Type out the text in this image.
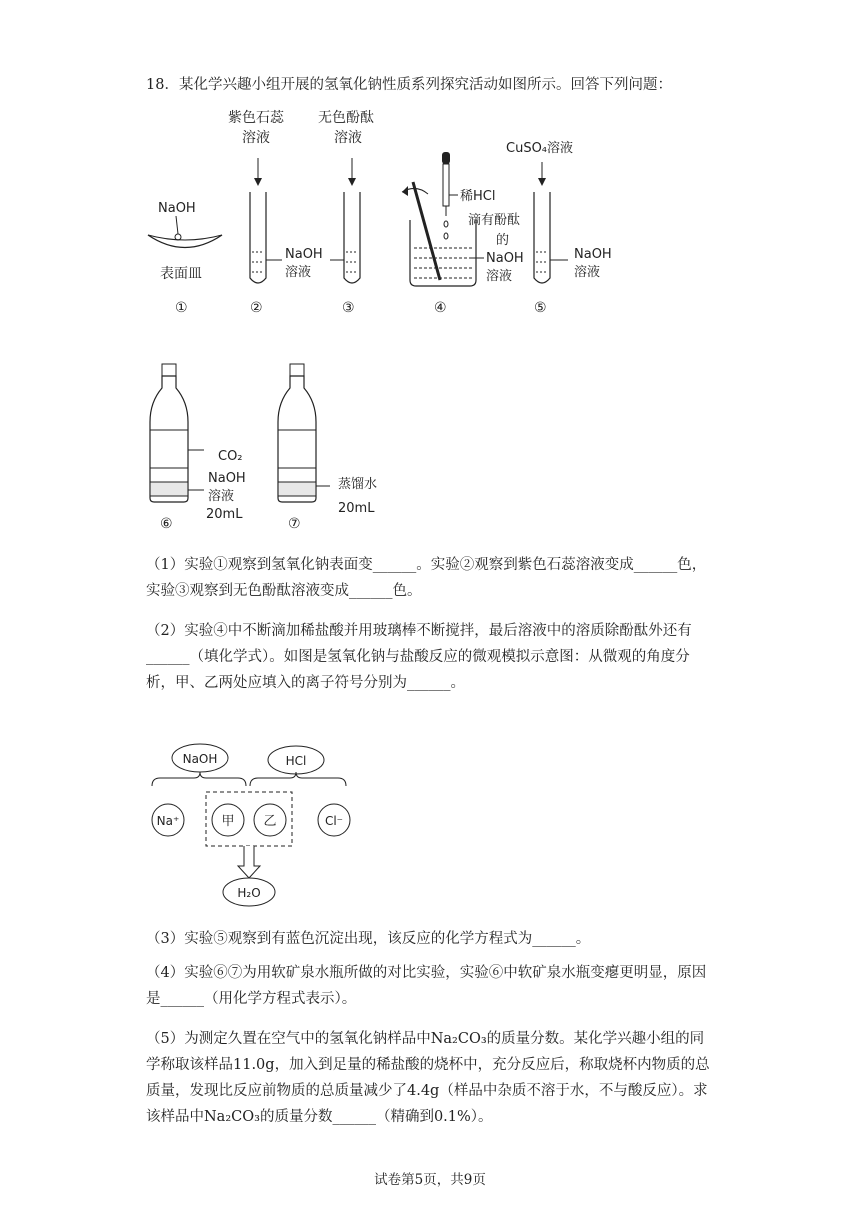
18．某化学兴趣小组开展的氢氧化钠性质系列探究活动如图所示。回答下列问题：

NaOH
表面皿
①
紫色石蕊
溶液
②
NaOH
溶液
无色酚酞
溶液
③
稀HCl
滴有酚酞
的
NaOH
溶液
④
CuSO₄溶液
NaOH
溶液
⑤
⑥
CO₂
NaOH
溶液
20mL
蒸馏水
20mL
⑦

（1）实验①观察到氢氧化钠表面变______。实验②观察到紫色石蕊溶液变成______色，实验③观察到无色酚酞溶液变成______色。

（2）实验④中不断滴加稀盐酸并用玻璃棒不断搅拌，最后溶液中的溶质除酚酞外还有______（填化学式）。如图是氢氧化钠与盐酸反应的微观模拟示意图：从微观的角度分析，甲、乙两处应填入的离子符号分别为______。

NaOH	HCl
Na⁺	甲 乙	Cl⁻
H₂O

（3）实验⑤观察到有蓝色沉淀出现，该反应的化学方程式为______。

（4）实验⑥⑦为用软矿泉水瓶所做的对比实验，实验⑥中软矿泉水瓶变瘪更明显，原因是______（用化学方程式表示）。

（5）为测定久置在空气中的氢氧化钠样品中Na₂CO₃的质量分数。某化学兴趣小组的同学称取该样品11.0g，加入到足量的稀盐酸的烧杯中，充分反应后，称取烧杯内物质的总质量，发现比反应前物质的总质量减少了4.4g（样品中杂质不溶于水，不与酸反应）。求该样品中Na₂CO₃的质量分数______（精确到0.1%）。

试卷第5页，共9页
